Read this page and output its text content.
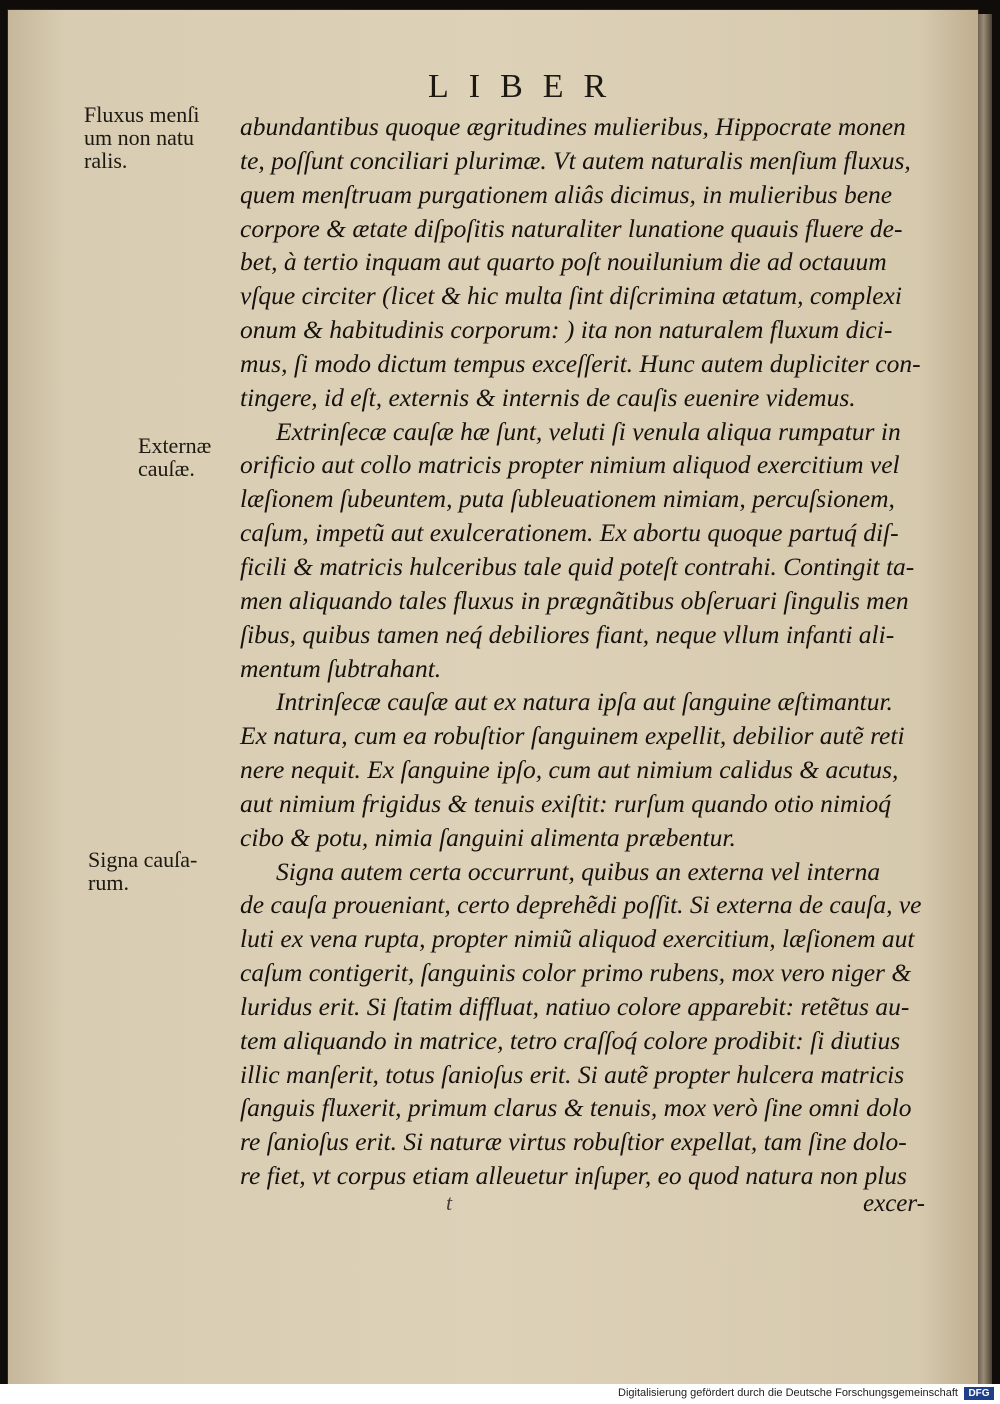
LIBER
Fluxus menſi
um non natu
ralis.
Externæ
cauſæ.
Signa cauſa-
rum.
abundantibus quoque ægritudines mulieribus, Hippocrate monen
te, poſſunt conciliari plurimæ. Vt autem naturalis menſium fluxus,
quem menſtruam purgationem aliâs dicimus, in mulieribus bene
corpore & ætate diſpoſitis naturaliter lunatione quauis fluere de-
bet, à tertio inquam aut quarto poſt nouilunium die ad octauum
vſque circiter (licet & hic multa ſint diſcrimina ætatum, complexi
onum & habitudinis corporum: ) ita non naturalem fluxum dici-
mus, ſi modo dictum tempus exceſſerit. Hunc autem dupliciter con-
tingere, id eſt, externis & internis de cauſis euenire videmus.
Extrinſecæ cauſæ hæ ſunt, veluti ſi venula aliqua rumpatur in
orificio aut collo matricis propter nimium aliquod exercitium vel
læſionem ſubeuntem, puta ſubleuationem nimiam, percuſsionem,
caſum, impetũ aut exulcerationem. Ex abortu quoque partuq́ diſ-
ficili & matricis hulceribus tale quid poteſt contrahi. Contingit ta-
men aliquando tales fluxus in prægnãtibus obſeruari ſingulis men
ſibus, quibus tamen neq́ debiliores fiant, neque vllum infanti ali-
mentum ſubtrahant.
Intrinſecæ cauſæ aut ex natura ipſa aut ſanguine æſtimantur.
Ex natura, cum ea robuſtior ſanguinem expellit, debilior autẽ reti
nere nequit. Ex ſanguine ipſo, cum aut nimium calidus & acutus,
aut nimium frigidus & tenuis exiſtit: rurſum quando otio nimioq́
cibo & potu, nimia ſanguini alimenta præbentur.
Signa autem certa occurrunt, quibus an externa vel interna
de cauſa proueniant, certo deprehẽdi poſſit. Si externa de cauſa, ve
luti ex vena rupta, propter nimiũ aliquod exercitium, læſionem aut
caſum contigerit, ſanguinis color primo rubens, mox vero niger &
luridus erit. Si ſtatim diffluat, natiuo colore apparebit: retẽtus au-
tem aliquando in matrice, tetro craſſoq́ colore prodibit: ſi diutius
illic manſerit, totus ſanioſus erit. Si autẽ propter hulcera matricis
ſanguis fluxerit, primum clarus & tenuis, mox verò ſine omni dolo
re ſanioſus erit. Si naturæ virtus robuſtior expellat, tam ſine dolo-
re fiet, vt corpus etiam alleuetur inſuper, eo quod natura non plus
t	excer-
Digitalisierung gefördert durch die Deutsche Forschungsgemeinschaft	DFG
